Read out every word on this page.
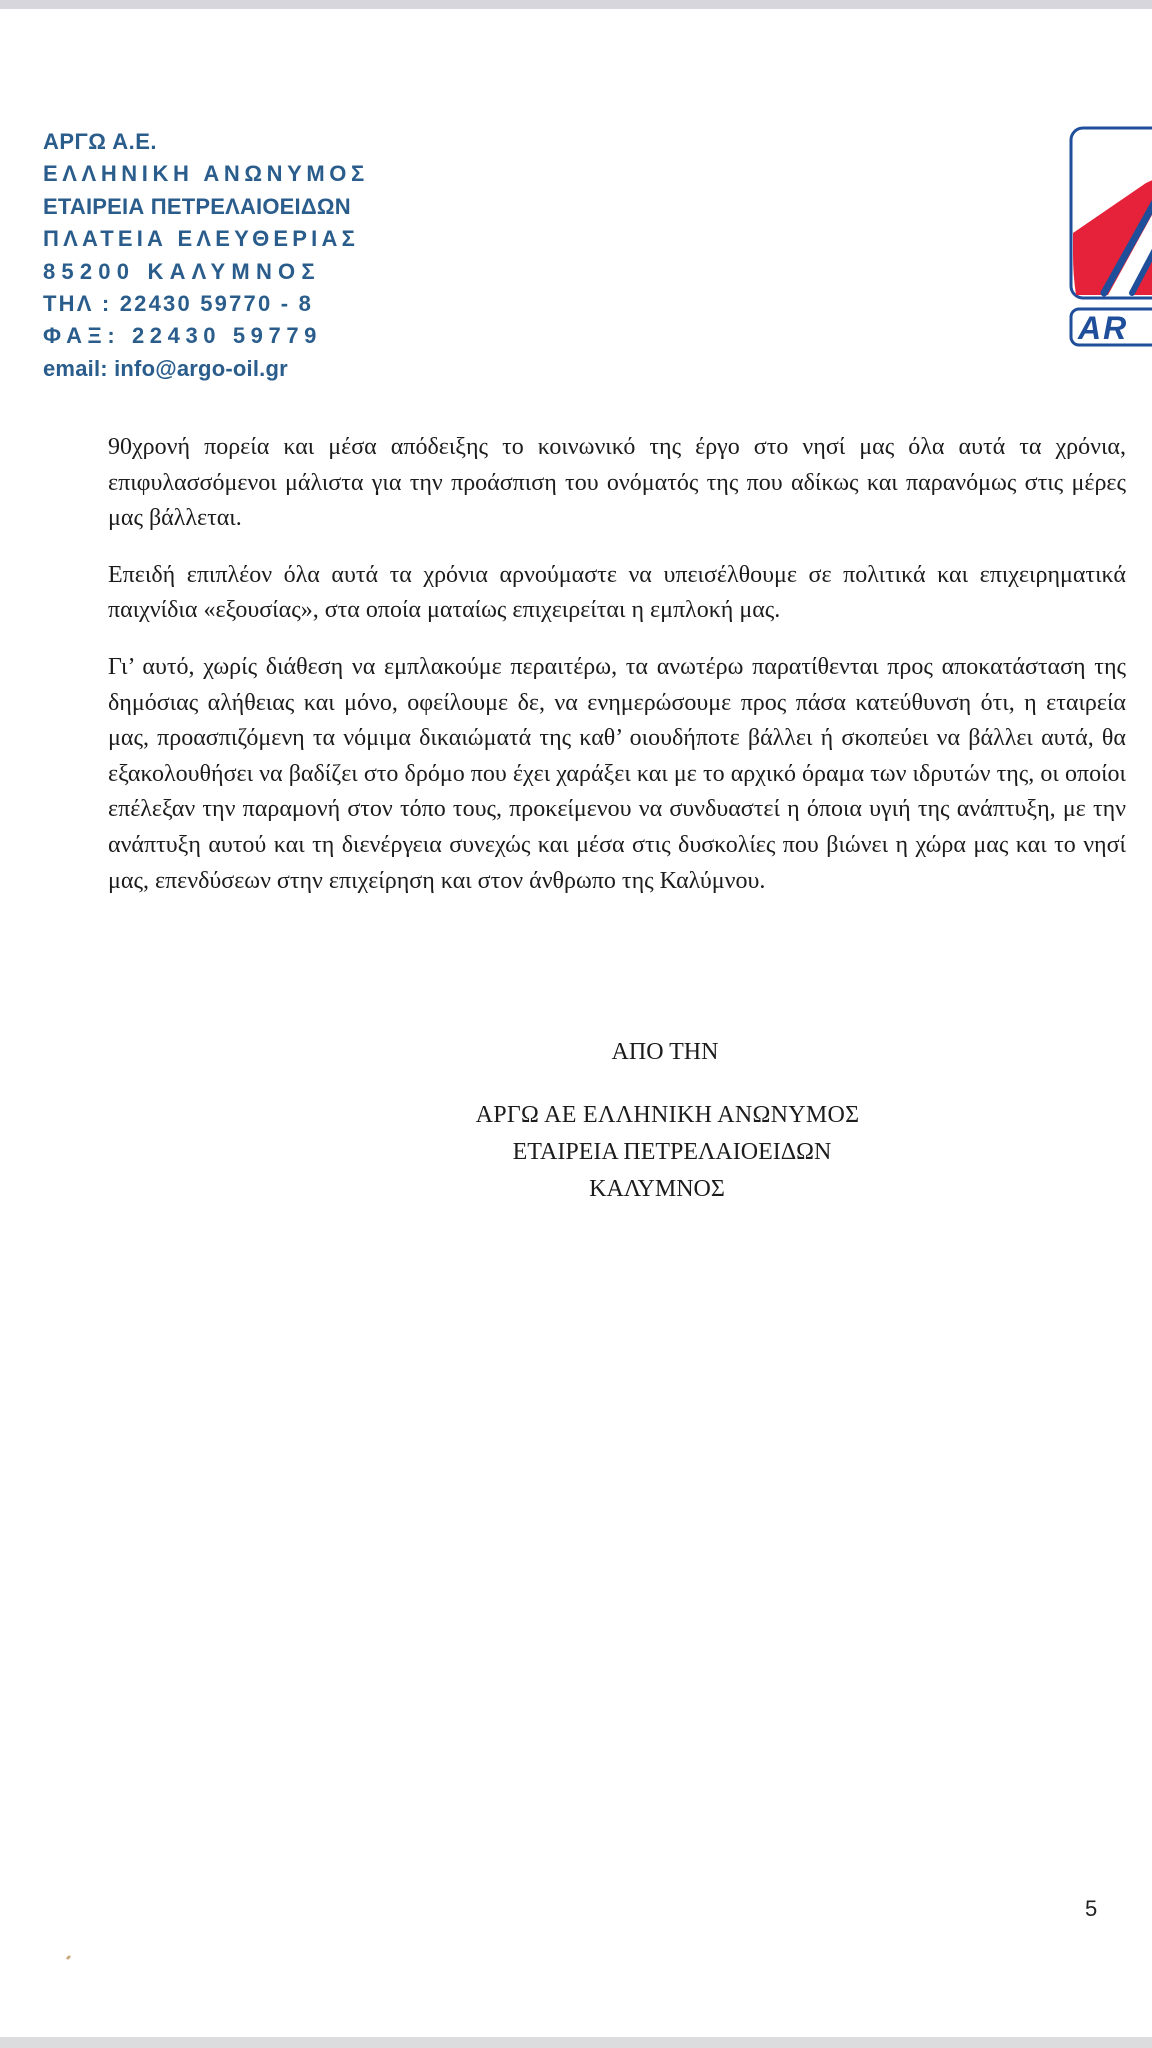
ΑΡΓΩ Α.Ε.
ΕΛΛΗΝΙΚΗ ΑΝΩΝΥΜΟΣ
ΕΤΑΙΡΕΙΑ ΠΕΤΡΕΛΑΙΟΕΙΔΩΝ
ΠΛΑΤΕΙΑ ΕΛΕΥΘΕΡΙΑΣ
85200 ΚΑΛΥΜΝΟΣ
ΤΗΛ : 22430 59770 - 8
ΦΑΞ: 22430 59779
email: info@argo-oil.gr
AR

90χρονή πορεία και μέσα απόδειξης το κοινωνικό της έργο στο νησί μας όλα αυτά τα χρόνια, επιφυλασσόμενοι μάλιστα για την προάσπιση του ονόματός της που αδίκως και παρανόμως στις μέρες μας βάλλεται.

Επειδή επιπλέον όλα αυτά τα χρόνια αρνούμαστε να υπεισέλθουμε σε πολιτικά και επιχειρηματικά παιχνίδια «εξουσίας», στα οποία ματαίως επιχειρείται η εμπλοκή μας.

Γι’ αυτό, χωρίς διάθεση να εμπλακούμε περαιτέρω, τα ανωτέρω παρατίθενται προς αποκατάσταση της δημόσιας αλήθειας και μόνο, οφείλουμε δε, να ενημερώσουμε προς πάσα κατεύθυνση ότι, η εταιρεία μας, προασπιζόμενη τα νόμιμα δικαιώματά της καθ’ οιουδήποτε βάλλει ή σκοπεύει να βάλλει αυτά, θα εξακολουθήσει να βαδίζει στο δρόμο που έχει χαράξει και με το αρχικό όραμα των ιδρυτών της, οι οποίοι επέλεξαν την παραμονή στον τόπο τους, προκείμενου να συνδυαστεί η όποια υγιή της ανάπτυξη, με την ανάπτυξη αυτού και τη διενέργεια συνεχώς και μέσα στις δυσκολίες που βιώνει η χώρα μας και το νησί μας, επενδύσεων στην επιχείρηση και στον άνθρωπο της Καλύμνου.

ΑΠΟ ΤΗΝ
ΑΡΓΩ ΑΕ ΕΛΛΗΝΙΚΗ ΑΝΩΝΥΜΟΣ
ΕΤΑΙΡΕΙΑ ΠΕΤΡΕΛΑΙΟΕΙΔΩΝ
ΚΑΛΥΜΝΟΣ
5
